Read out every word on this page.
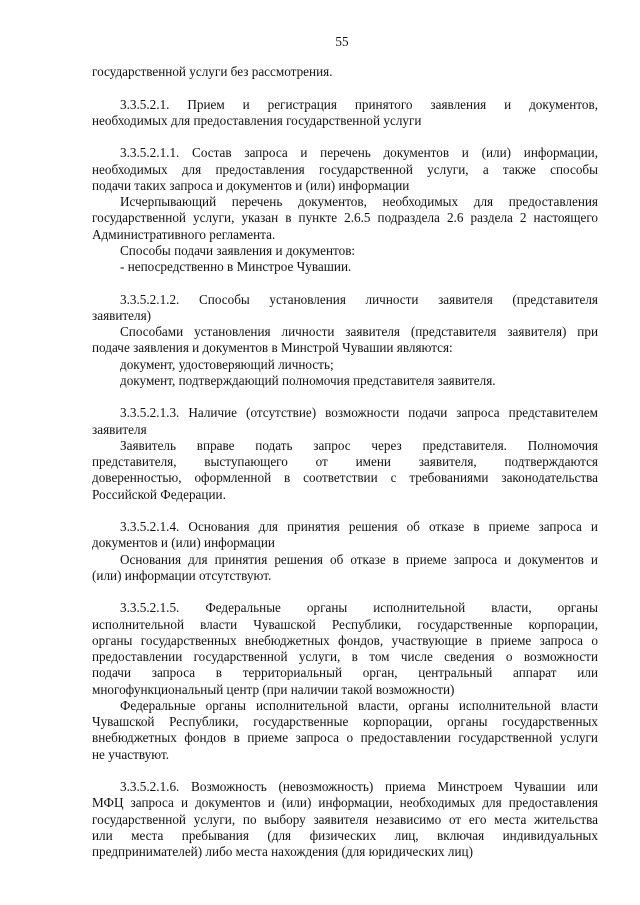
55
государственной услуги без рассмотрения.
3.3.5.2.1. Прием и регистрация принятого заявления и документов,
необходимых для предоставления государственной услуги
3.3.5.2.1.1. Состав запроса и перечень документов и (или) информации,
необходимых для предоставления государственной услуги, а также способы
подачи таких запроса и документов и (или) информации
Исчерпывающий перечень документов, необходимых для предоставления
государственной услуги, указан в пункте 2.6.5 подраздела 2.6 раздела 2 настоящего
Административного регламента.
Способы подачи заявления и документов:
- непосредственно в Минстрое Чувашии.
3.3.5.2.1.2. Способы установления личности заявителя (представителя
заявителя)
Способами установления личности заявителя (представителя заявителя) при
подаче заявления и документов в Минстрой Чувашии являются:
документ, удостоверяющий личность;
документ, подтверждающий полномочия представителя заявителя.
3.3.5.2.1.3. Наличие (отсутствие) возможности подачи запроса представителем
заявителя
Заявитель вправе подать запрос через представителя. Полномочия
представителя, выступающего от имени заявителя, подтверждаются
доверенностью, оформленной в соответствии с требованиями законодательства
Российской Федерации.
3.3.5.2.1.4. Основания для принятия решения об отказе в приеме запроса и
документов и (или) информации
Основания для принятия решения об отказе в приеме запроса и документов и
(или) информации отсутствуют.
3.3.5.2.1.5. Федеральные органы исполнительной власти, органы
исполнительной власти Чувашской Республики, государственные корпорации,
органы государственных внебюджетных фондов, участвующие в приеме запроса о
предоставлении государственной услуги, в том числе сведения о возможности
подачи запроса в территориальный орган, центральный аппарат или
многофункциональный центр (при наличии такой возможности)
Федеральные органы исполнительной власти, органы исполнительной власти
Чувашской Республики, государственные корпорации, органы государственных
внебюджетных фондов в приеме запроса о предоставлении государственной услуги
не участвуют.
3.3.5.2.1.6. Возможность (невозможность) приема Минстроем Чувашии или
МФЦ запроса и документов и (или) информации, необходимых для предоставления
государственной услуги, по выбору заявителя независимо от его места жительства
или места пребывания (для физических лиц, включая индивидуальных
предпринимателей) либо места нахождения (для юридических лиц)
